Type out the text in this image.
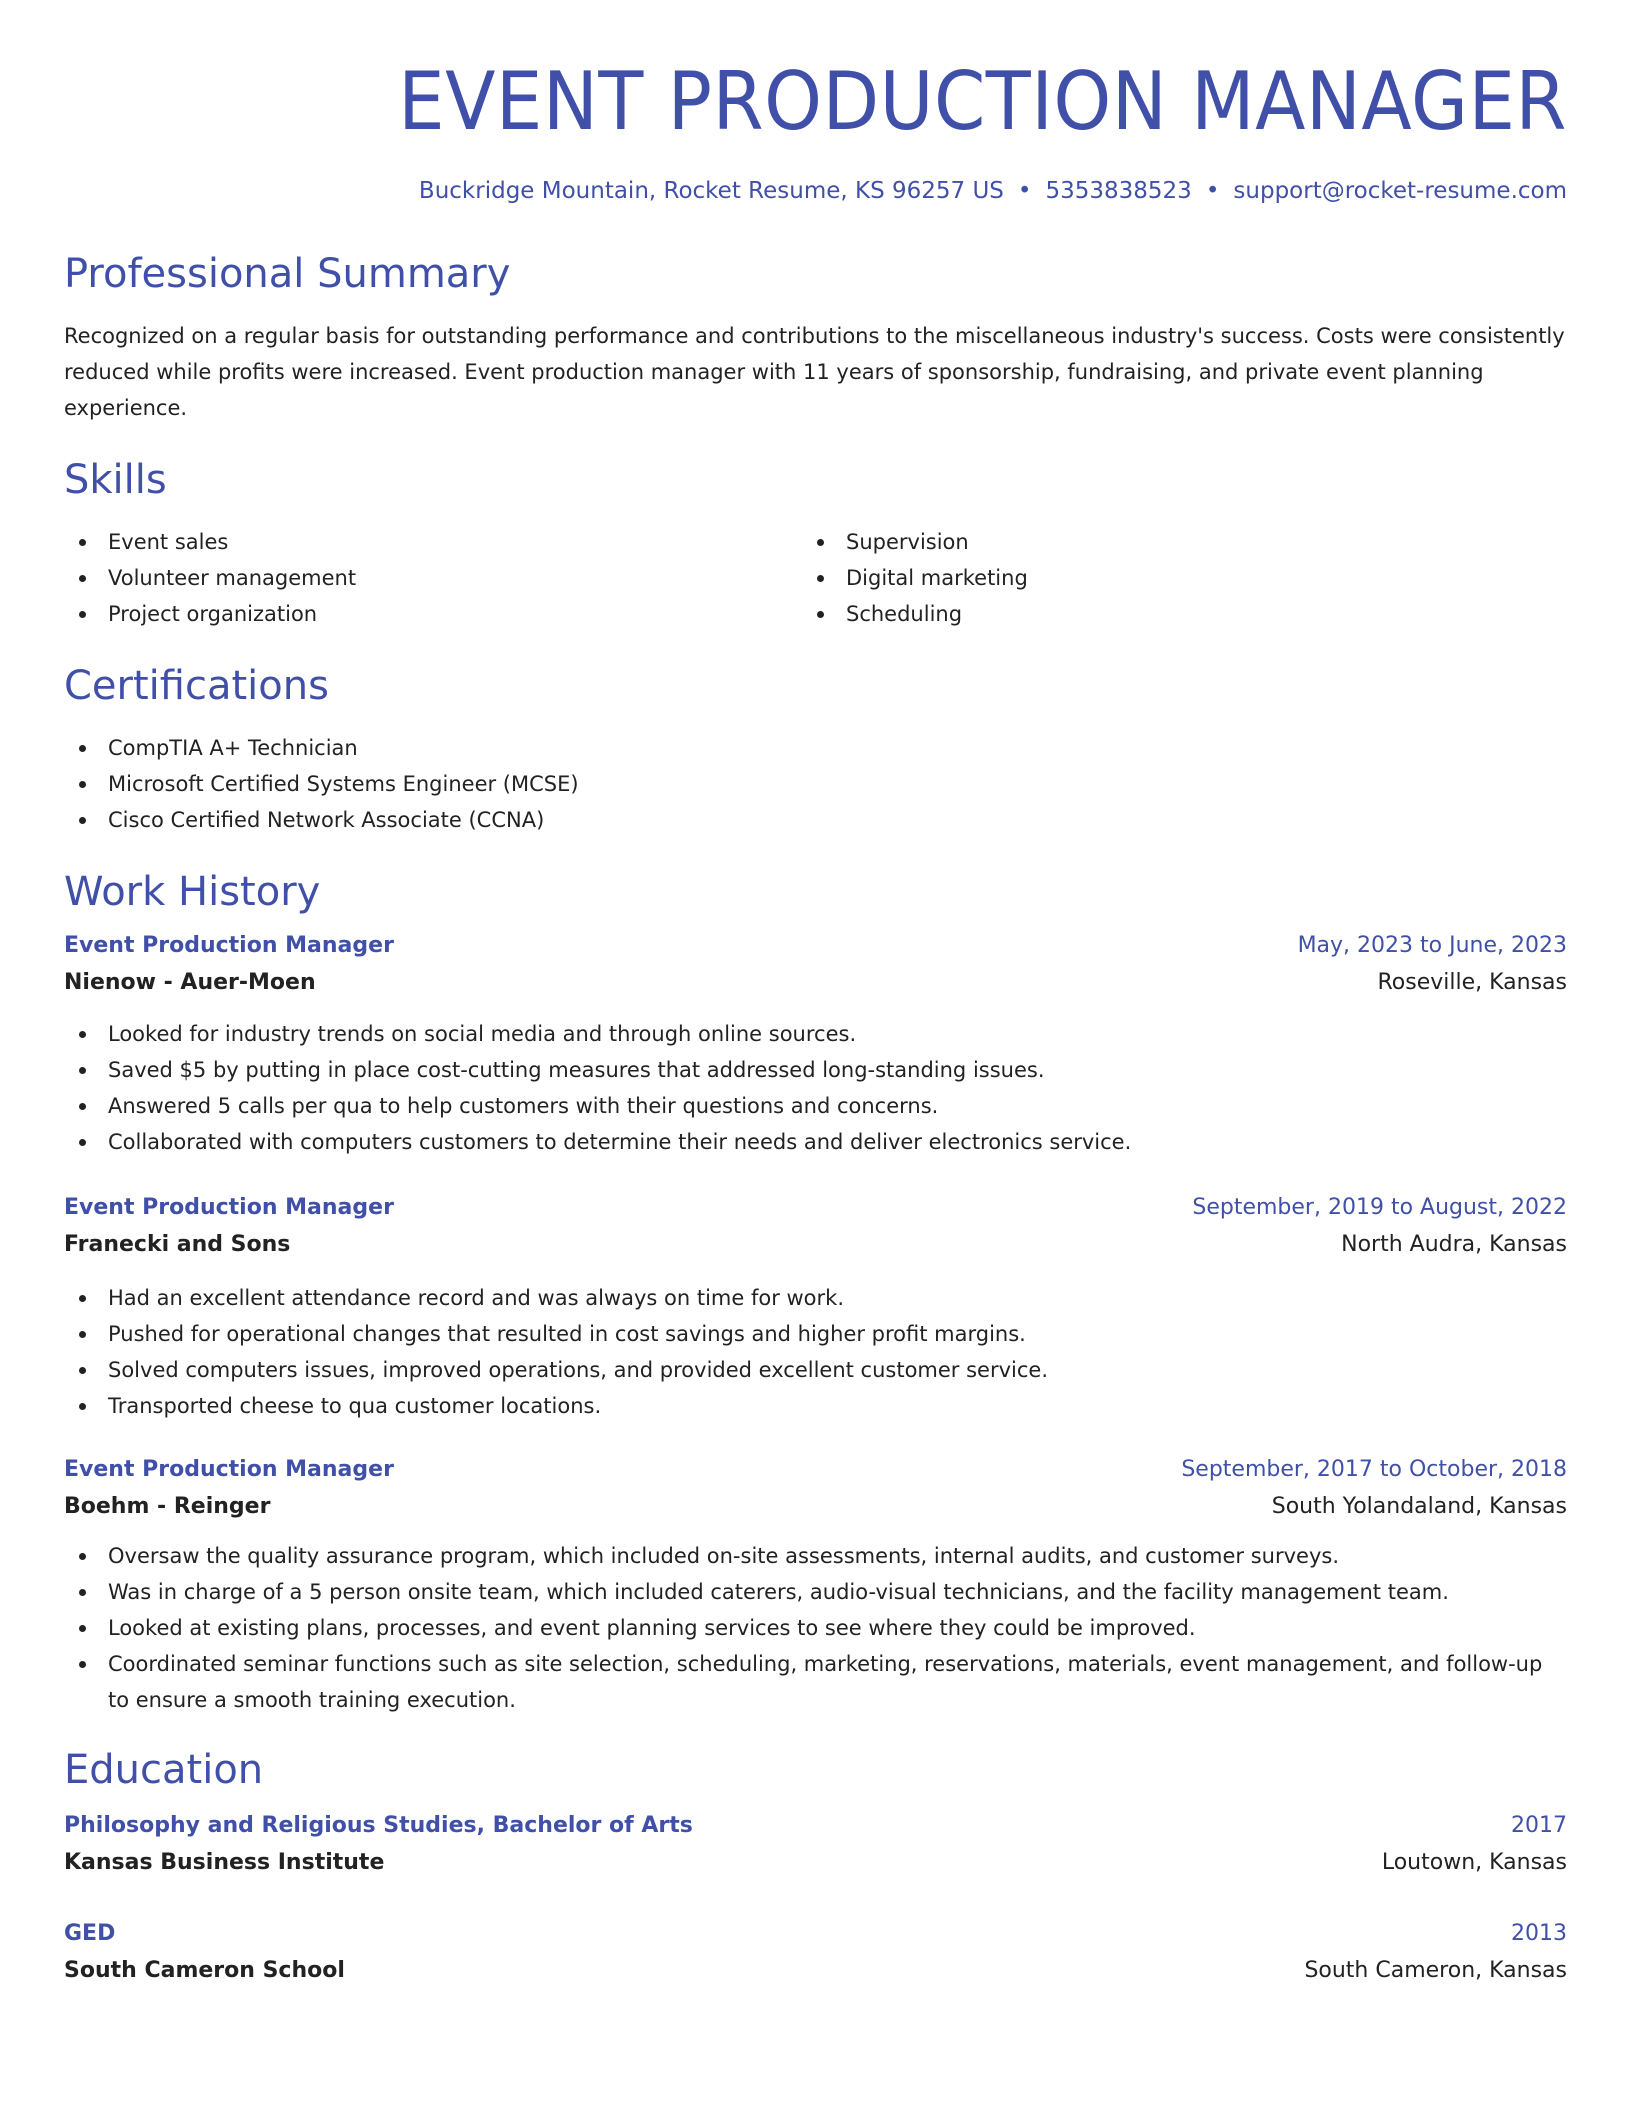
EVENT PRODUCTION MANAGER
Buckridge Mountain, Rocket Resume, KS 96257 US • 5353838523 • support@rocket-resume.com
Professional Summary

Recognized on a regular basis for outstanding performance and contributions to the miscellaneous industry's success. Costs were consistently reduced while profits were increased. Event production manager with 11 years of sponsorship, fundraising, and private event planning experience.

Skills
Event sales
Volunteer management
Project organization
Supervision
Digital marketing
Scheduling
Certifications
CompTIA A+ Technician
Microsoft Certified Systems Engineer (MCSE)
Cisco Certified Network Associate (CCNA)
Work History
Event Production Manager	May, 2023 to June, 2023
Nienow - Auer-Moen	Roseville, Kansas
Looked for industry trends on social media and through online sources.
Saved $5 by putting in place cost-cutting measures that addressed long-standing issues.
Answered 5 calls per qua to help customers with their questions and concerns.
Collaborated with computers customers to determine their needs and deliver electronics service.
Event Production Manager	September, 2019 to August, 2022
Franecki and Sons	North Audra, Kansas
Had an excellent attendance record and was always on time for work.
Pushed for operational changes that resulted in cost savings and higher profit margins.
Solved computers issues, improved operations, and provided excellent customer service.
Transported cheese to qua customer locations.
Event Production Manager	September, 2017 to October, 2018
Boehm - Reinger	South Yolandaland, Kansas
Oversaw the quality assurance program, which included on-site assessments, internal audits, and customer surveys.
Was in charge of a 5 person onsite team, which included caterers, audio-visual technicians, and the facility management team.
Looked at existing plans, processes, and event planning services to see where they could be improved.
Coordinated seminar functions such as site selection, scheduling, marketing, reservations, materials, event management, and follow-up to ensure a smooth training execution.
Education
Philosophy and Religious Studies, Bachelor of Arts	2017
Kansas Business Institute	Loutown, Kansas
GED	2013
South Cameron School	South Cameron, Kansas
